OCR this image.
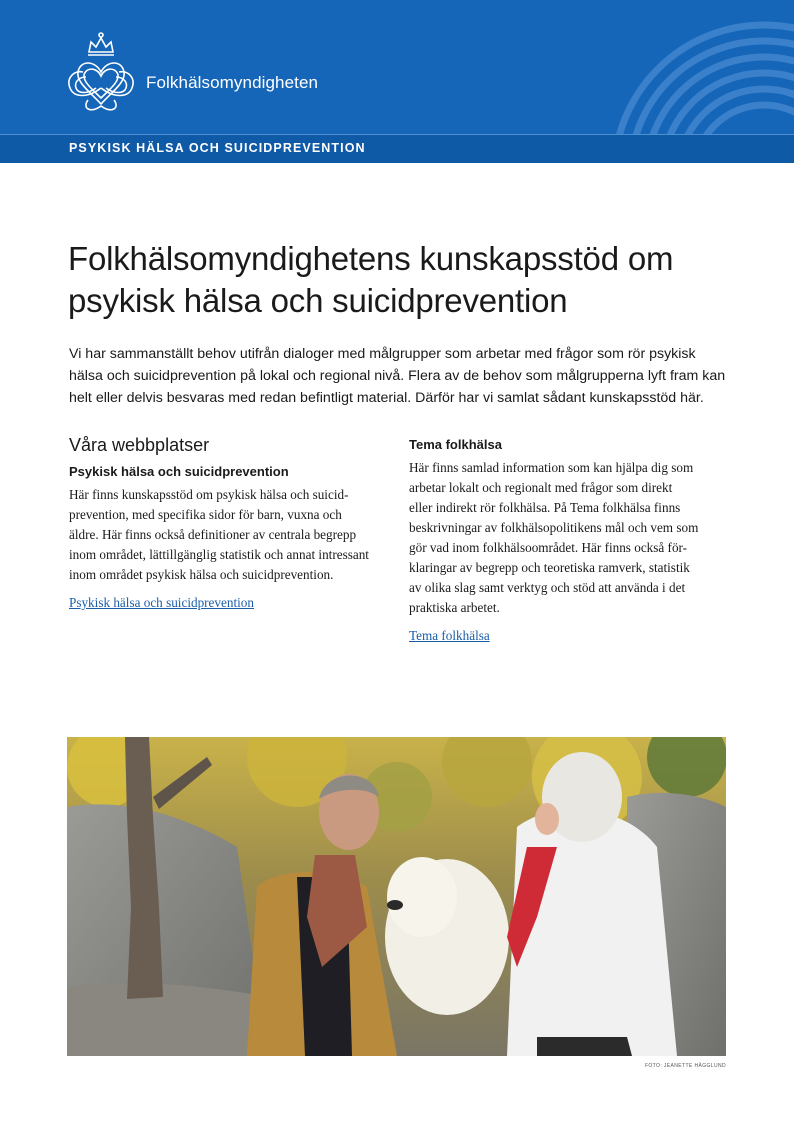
Folkhälsomyndigheten
PSYKISK HÄLSA OCH SUICIDPREVENTION
Folkhälsomyndighetens kunskapsstöd om psykisk hälsa och suicidprevention

Vi har sammanställt behov utifrån dialoger med målgrupper som arbetar med frågor som rör psykisk hälsa och suicidprevention på lokal och regional nivå. Flera av de behov som målgrupperna lyft fram kan helt eller delvis besvaras med redan befintligt material. Därför har vi samlat sådant kunskapsstöd här.

Våra webbplatser
Psykisk hälsa och suicidprevention

Här finns kunskapsstöd om psykisk hälsa och suicid-
prevention, med specifika sidor för barn, vuxna och
äldre. Här finns också definitioner av centrala begrepp
inom området, lättillgänglig statistik och annat intressant
inom området psykisk hälsa och suicidprevention.

Psykisk hälsa och suicidprevention
Tema folkhälsa

Här finns samlad information som kan hjälpa dig som
arbetar lokalt och regionalt med frågor som direkt
eller indirekt rör folkhälsa. På Tema folkhälsa finns
beskrivningar av folkhälsopolitikens mål och vem som
gör vad inom folkhälsoområdet. Här finns också för-
klaringar av begrepp och teoretiska ramverk, statistik
av olika slag samt verktyg och stöd att använda i det
praktiska arbetet.

Tema folkhälsa
FOTO: JEANETTE HÄGGLUND
